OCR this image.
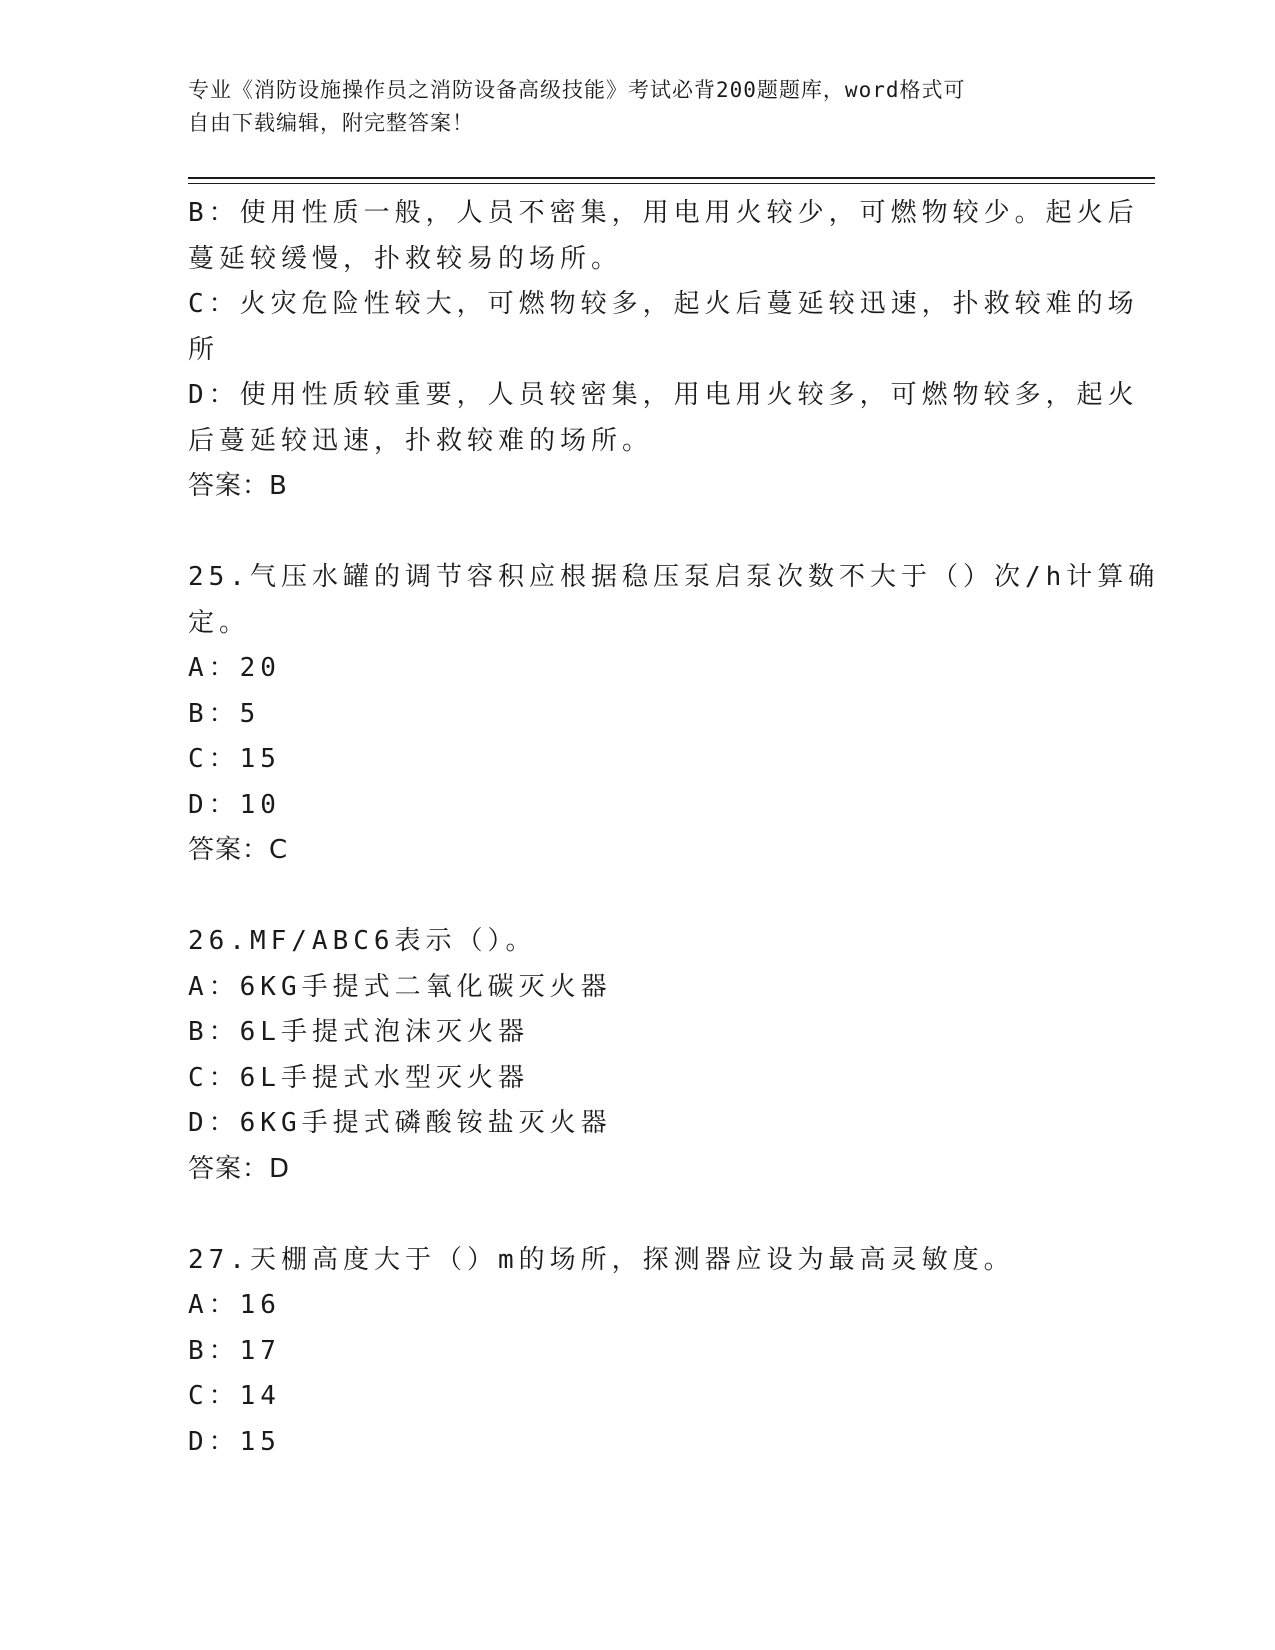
专业《消防设施操作员之消防设备高级技能》考试必背200题题库，word格式可
自由下载编辑，附完整答案！
B：使用性质一般，人员不密集，用电用火较少，可燃物较少。起火后
蔓延较缓慢，扑救较易的场所。
C：火灾危险性较大，可燃物较多，起火后蔓延较迅速，扑救较难的场
所
D：使用性质较重要，人员较密集，用电用火较多，可燃物较多，起火
后蔓延较迅速，扑救较难的场所。
答案：B
25.气压水罐的调节容积应根据稳压泵启泵次数不大于（）次/h计算确
定。
A：20
B：5
C：15
D：10
答案：C
26.MF/ABC6表示（）。
A：6KG手提式二氧化碳灭火器
B：6L手提式泡沫灭火器
C：6L手提式水型灭火器
D：6KG手提式磷酸铵盐灭火器
答案：D
27.天棚高度大于（）m的场所，探测器应设为最高灵敏度。
A：16
B：17
C：14
D：15
